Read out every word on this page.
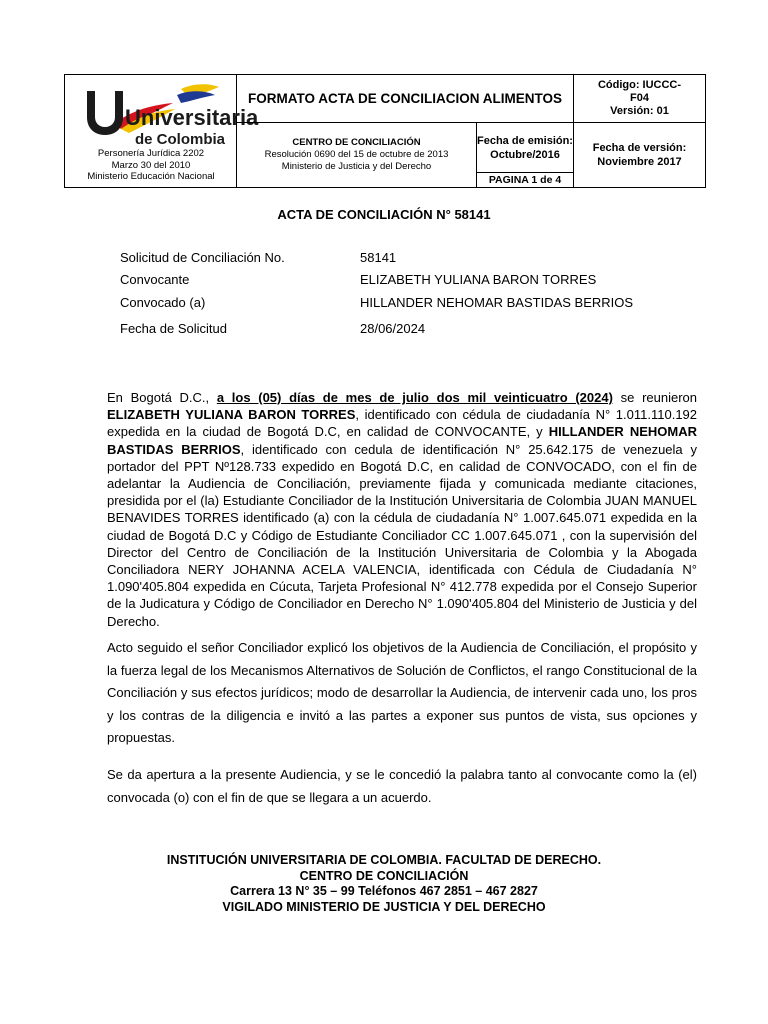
Universitaria
de Colombia
Personería Jurídica 2202
Marzo 30 del 2010
Ministerio Educación Nacional
FORMATO ACTA DE CONCILIACION ALIMENTOS
Código: IUCCC-
F04
Versión: 01
CENTRO DE CONCILIACIÓN
Resolución 0690 del 15 de octubre de 2013
Ministerio de Justicia y del Derecho
Fecha de emisión:
Octubre/2016
PAGINA 1 de 4
Fecha de versión:
Noviembre 2017
ACTA DE CONCILIACIÓN N° 58141
Solicitud de Conciliación No.	58141
Convocante	ELIZABETH YULIANA BARON TORRES
Convocado (a)	HILLANDER NEHOMAR BASTIDAS BERRIOS
Fecha de Solicitud	28/06/2024
En Bogotá D.C., a los (05) días de mes de julio dos mil veinticuatro (2024) se reunieron ELIZABETH YULIANA BARON TORRES, identificado con cédula de ciudadanía N° 1.011.110.192 expedida en la ciudad de Bogotá D.C, en calidad de CONVOCANTE, y HILLANDER NEHOMAR BASTIDAS BERRIOS, identificado con cedula de identificación N° 25.642.175 de venezuela y portador del PPT Nº128.733 expedido en Bogotá D.C, en calidad de CONVOCADO, con el fin de adelantar la Audiencia de Conciliación, previamente fijada y comunicada mediante citaciones, presidida por el (la) Estudiante Conciliador de la Institución Universitaria de Colombia JUAN MANUEL BENAVIDES TORRES identificado (a) con la cédula de ciudadanía N° 1.007.645.071 expedida en la ciudad de Bogotá D.C y Código de Estudiante Conciliador CC 1.007.645.071 , con la supervisión del Director del Centro de Conciliación de la Institución Universitaria de Colombia y la Abogada Conciliadora NERY JOHANNA ACELA VALENCIA, identificada con Cédula de Ciudadanía N° 1.090'405.804 expedida en Cúcuta, Tarjeta Profesional N° 412.778 expedida por el Consejo Superior de la Judicatura y Código de Conciliador en Derecho N° 1.090'405.804 del Ministerio de Justicia y del Derecho.
Acto seguido el señor Conciliador explicó los objetivos de la Audiencia de Conciliación, el propósito y la fuerza legal de los Mecanismos Alternativos de Solución de Conflictos, el rango Constitucional de la Conciliación y sus efectos jurídicos; modo de desarrollar la Audiencia, de intervenir cada uno, los pros y los contras de la diligencia e invitó a las partes a exponer sus puntos de vista, sus opciones y propuestas.
Se da apertura a la presente Audiencia, y se le concedió la palabra tanto al convocante como la (el) convocada (o) con el fin de que se llegara a un acuerdo.
INSTITUCIÓN UNIVERSITARIA DE COLOMBIA. FACULTAD DE DERECHO.
CENTRO DE CONCILIACIÓN
Carrera 13 N° 35 – 99 Teléfonos 467 2851 – 467 2827
VIGILADO MINISTERIO DE JUSTICIA Y DEL DERECHO
